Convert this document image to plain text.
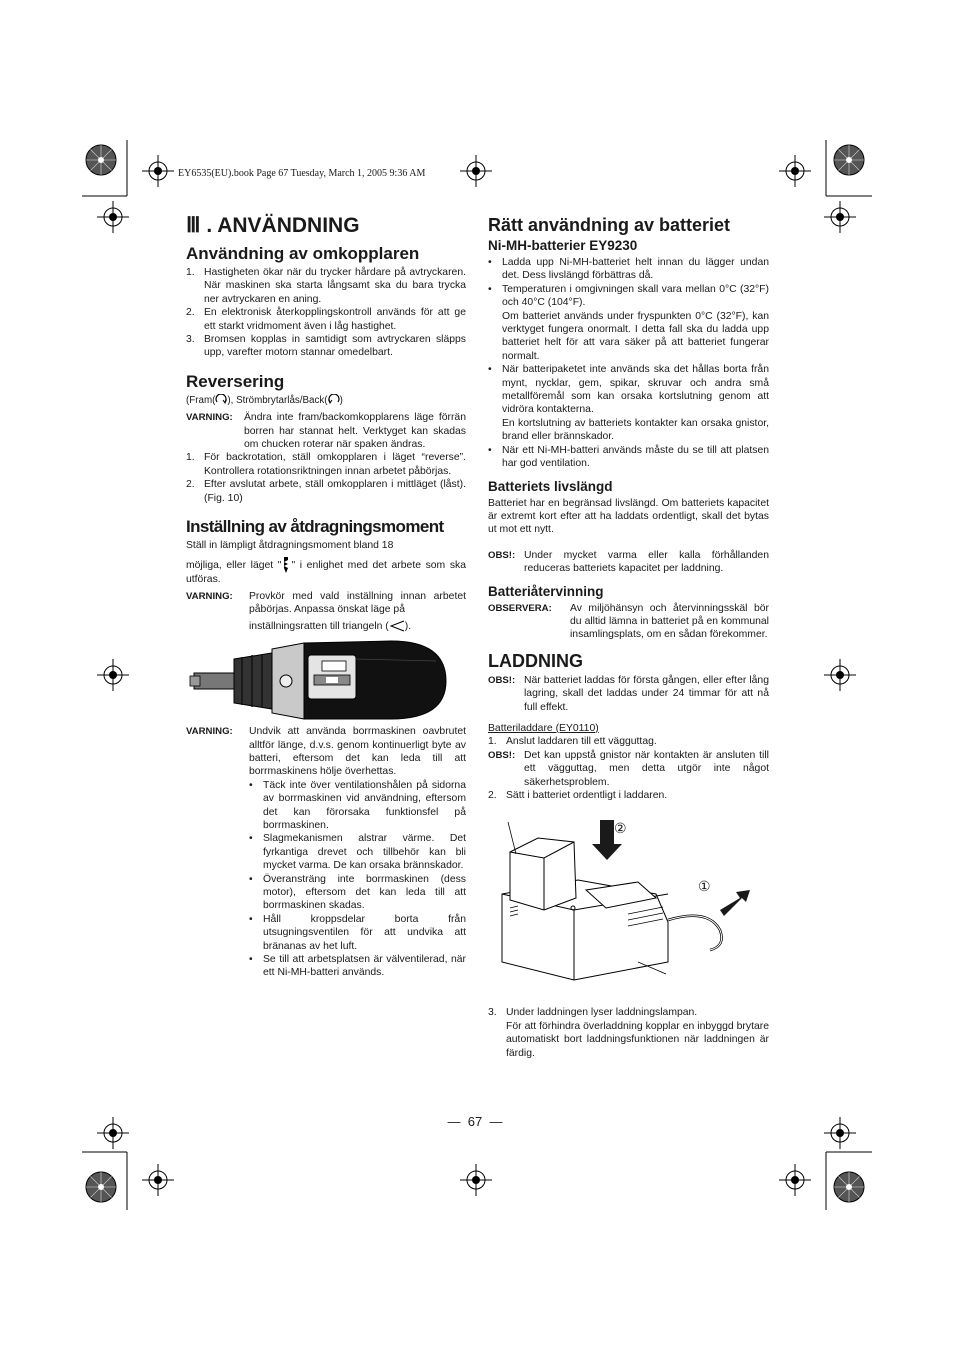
EY6535(EU).book Page 67 Tuesday, March 1, 2005 9:36 AM
Ⅲ . ANVÄNDNING
Användning av omkopplaren
1. Hastigheten ökar när du trycker hårdare på avtryckaren. När maskinen ska starta långsamt ska du bara trycka ner avtryckaren en aning.
2. En elektronisk återkopplingskontroll används för att ge ett starkt vridmoment även i låg hastighet.
3. Bromsen kopplas in samtidigt som avtryckaren släpps upp, varefter motorn stannar omedelbart.
Reversering

(Fram( ), Strömbrytarlås/Back( )

VARNING:	Ändra inte fram/backomkopplarens läge förrän borren har stannat helt. Verktyget kan skadas om chucken roterar när spaken ändras.
1. För backrotation, ställ omkopplaren i läget “reverse”. Kontrollera rotationsriktningen innan arbetet påbörjas.
2. Efter avslutat arbete, ställ omkopplaren i mittläget (låst). (Fig. 10)
Inställning av åtdragningsmoment

Ställ in lämpligt åtdragningsmoment bland 18

möjliga, eller läget " " i enlighet med det arbete som ska utföras.

VARNING:	Provkör med vald inställning innan arbetet påbörjas. Anpassa önskat läge på

inställningsratten till triangeln ( ).

VARNING:	Undvik att använda borrmaskinen oavbrutet alltför länge, d.v.s. genom kontinuerligt byte av batteri, eftersom det kan leda till att borrmaskinens hölje överhettas.
• Täck inte över ventilationshålen på sidorna av borrmaskinen vid användning, eftersom det kan förorsaka funktionsfel på borrmaskinen.
• Slagmekanismen alstrar värme. Det fyrkantiga drevet och tillbehör kan bli mycket varma. De kan orsaka brännskador.
• Överansträng inte borrmaskinen (dess motor), eftersom det kan leda till att borrmaskinen skadas.
• Håll kroppsdelar borta från utsugningsventilen för att undvika att bränanas av het luft.
• Se till att arbetsplatsen är välventilerad, när ett Ni-MH-batteri används.
Rätt användning av batteriet
Ni-MH-batterier EY9230
• Ladda upp Ni-MH-batteriet helt innan du lägger undan det. Dess livslängd förbättras då.
• Temperaturen i omgivningen skall vara mellan 0°C (32°F) och 40°C (104°F).
Om batteriet används under fryspunkten 0°C (32°F), kan verktyget fungera onormalt. I detta fall ska du ladda upp batteriet helt för att vara säker på att batteriet fungerar normalt.
• När batteripaketet inte används ska det hållas borta från mynt, nycklar, gem, spikar, skruvar och andra små metallföremål som kan orsaka kortslutning genom att vidröra kontakterna.
En kortslutning av batteriets kontakter kan orsaka gnistor, brand eller brännskador.
• När ett Ni-MH-batteri används måste du se till att platsen har god ventilation.
Batteriets livslängd

Batteriet har en begränsad livslängd. Om batteriets kapacitet är extremt kort efter att ha laddats ordentligt, skall det bytas ut mot ett nytt.

OBS!: Under mycket varma eller kalla förhållanden reduceras batteriets kapacitet per laddning.
Batteriåtervinning
OBSERVERA:	Av miljöhänsyn och återvinningsskäl bör du alltid lämna in batteriet på en kommunal insamlingsplats, om en sådan förekommer.
LADDNING
OBS!: När batteriet laddas för första gången, eller efter lång lagring, skall det laddas under 24 timmar för att nå full effekt.

Batteriladdare (EY0110)

1. Anslut laddaren till ett vägguttag.
OBS!: Det kan uppstå gnistor när kontakten är ansluten till ett vägguttag, men detta utgör inte något säkerhetsproblem.
2. Sätt i batteriet ordentligt i laddaren.
②
①
3. Under laddningen lyser laddningslampan.

För att förhindra överladdning kopplar en inbyggd brytare automatiskt bort laddningsfunktionen när laddningen är färdig.

— 67 —
